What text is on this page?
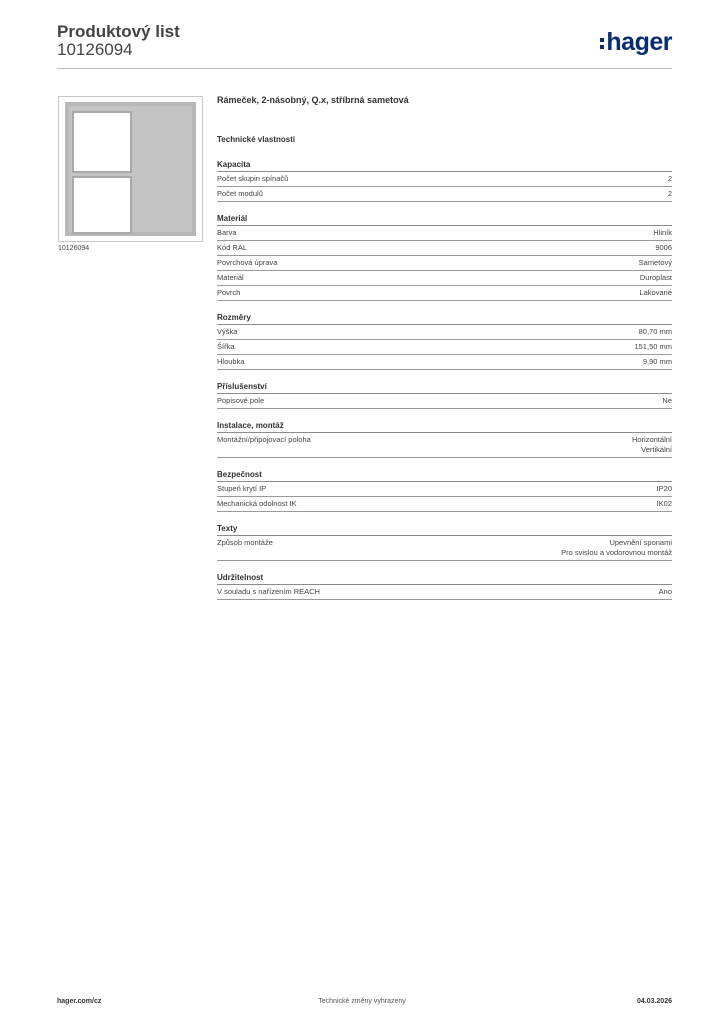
Produktový list
10126094	hager
10126094
Rámeček, 2-násobný, Q.x, stříbrná sametová
Technické vlastnosti
Kapacita
Počet skupin spínačů	2
Počet modulů	2
Materiál
Barva	Hliník
Kód RAL	9006
Povrchová úprava	Sametový
Materiál	Duroplast
Povrch	Lakované
Rozměry
Výška	80,70 mm
Šířka	151,50 mm
Hloubka	9,90 mm
Příslušenství
Popisové pole	Ne
Instalace, montáž
Montážní/připojovací poloha	Horizontální
Vertikální
Bezpečnost
Stupeň krytí IP	IP20
Mechanická odolnost IK	IK02
Texty
Způsob montáže	Upevnění sponami
Pro svislou a vodorovnou montáž
Udržitelnost
V souladu s nařízením REACH	Ano
hager.com/cz	Technické změny vyhrazeny	04.03.2026
